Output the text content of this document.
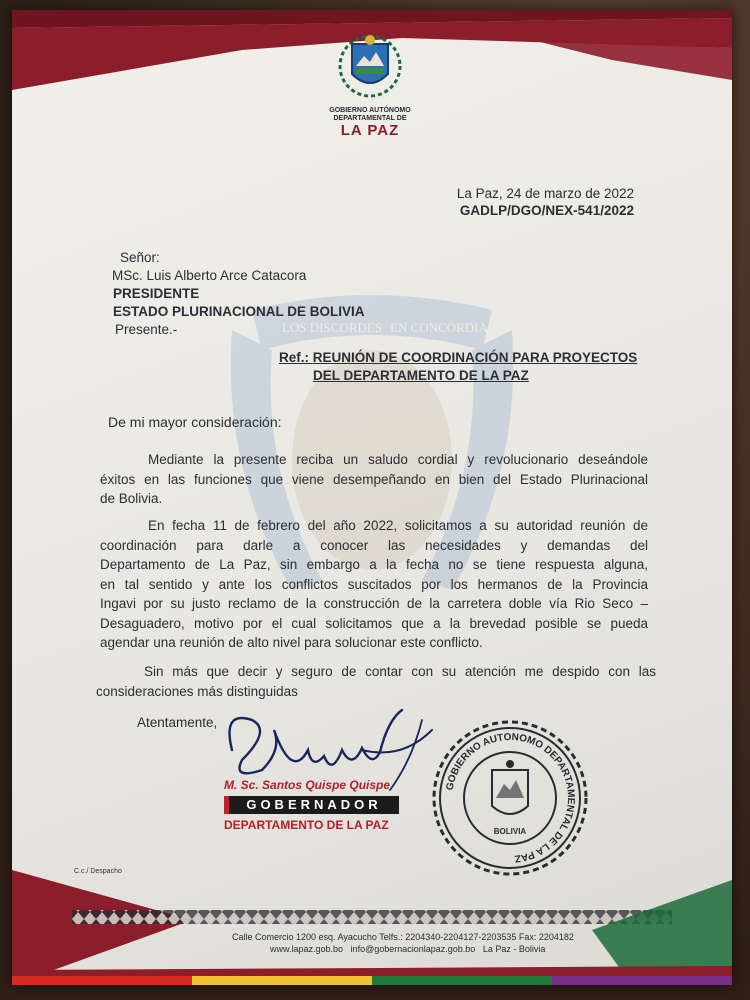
GOBIERNO AUTÓNOMO
DEPARTAMENTAL DE
LA PAZ
LOS DISCORDES EN CONCORDIA
La Paz, 24 de marzo de 2022
GADLP/DGO/NEX-541/2022
Señor:
MSc. Luis Alberto Arce Catacora
PRESIDENTE
ESTADO PLURINACIONAL DE BOLIVIA
Presente.-
Ref.: REUNIÓN DE COORDINACIÓN PARA PROYECTOS
DEL DEPARTAMENTO DE LA PAZ
De mi mayor consideración:
Mediante la presente reciba un saludo cordial y revolucionario deseándole
éxitos en las funciones que viene desempeñando en bien del Estado Plurinacional
de Bolivia.
En fecha 11 de febrero del año 2022, solicitamos a su autoridad reunión de
coordinación para darle a conocer las necesidades y demandas del
Departamento de La Paz, sin embargo a la fecha no se tiene respuesta alguna,
en tal sentido y ante los conflictos suscitados por los hermanos de la Provincia
Ingavi por su justo reclamo de la construcción de la carretera doble vía Rio Seco –
Desaguadero, motivo por el cual solicitamos que a la brevedad posible se pueda
agendar una reunión de alto nivel para solucionar este conflicto.
Sin más que decir y seguro de contar con su atención me despido con las
consideraciones más distinguidas
Atentamente,
M. Sc. Santos Quispe Quispe
GOBERNADOR
DEPARTAMENTO DE LA PAZ
GOBIERNO AUTONOMO DEPARTAMENTAL DE LA PAZ
BOLIVIA
C.c./ Despacho
Calle Comercio 1200 esq. Ayacucho Telfs.: 2204340-2204127-2203535 Fax: 2204182
www.lapaz.gob.bo info@gobernacionlapaz.gob.bo La Paz - Bolivia
